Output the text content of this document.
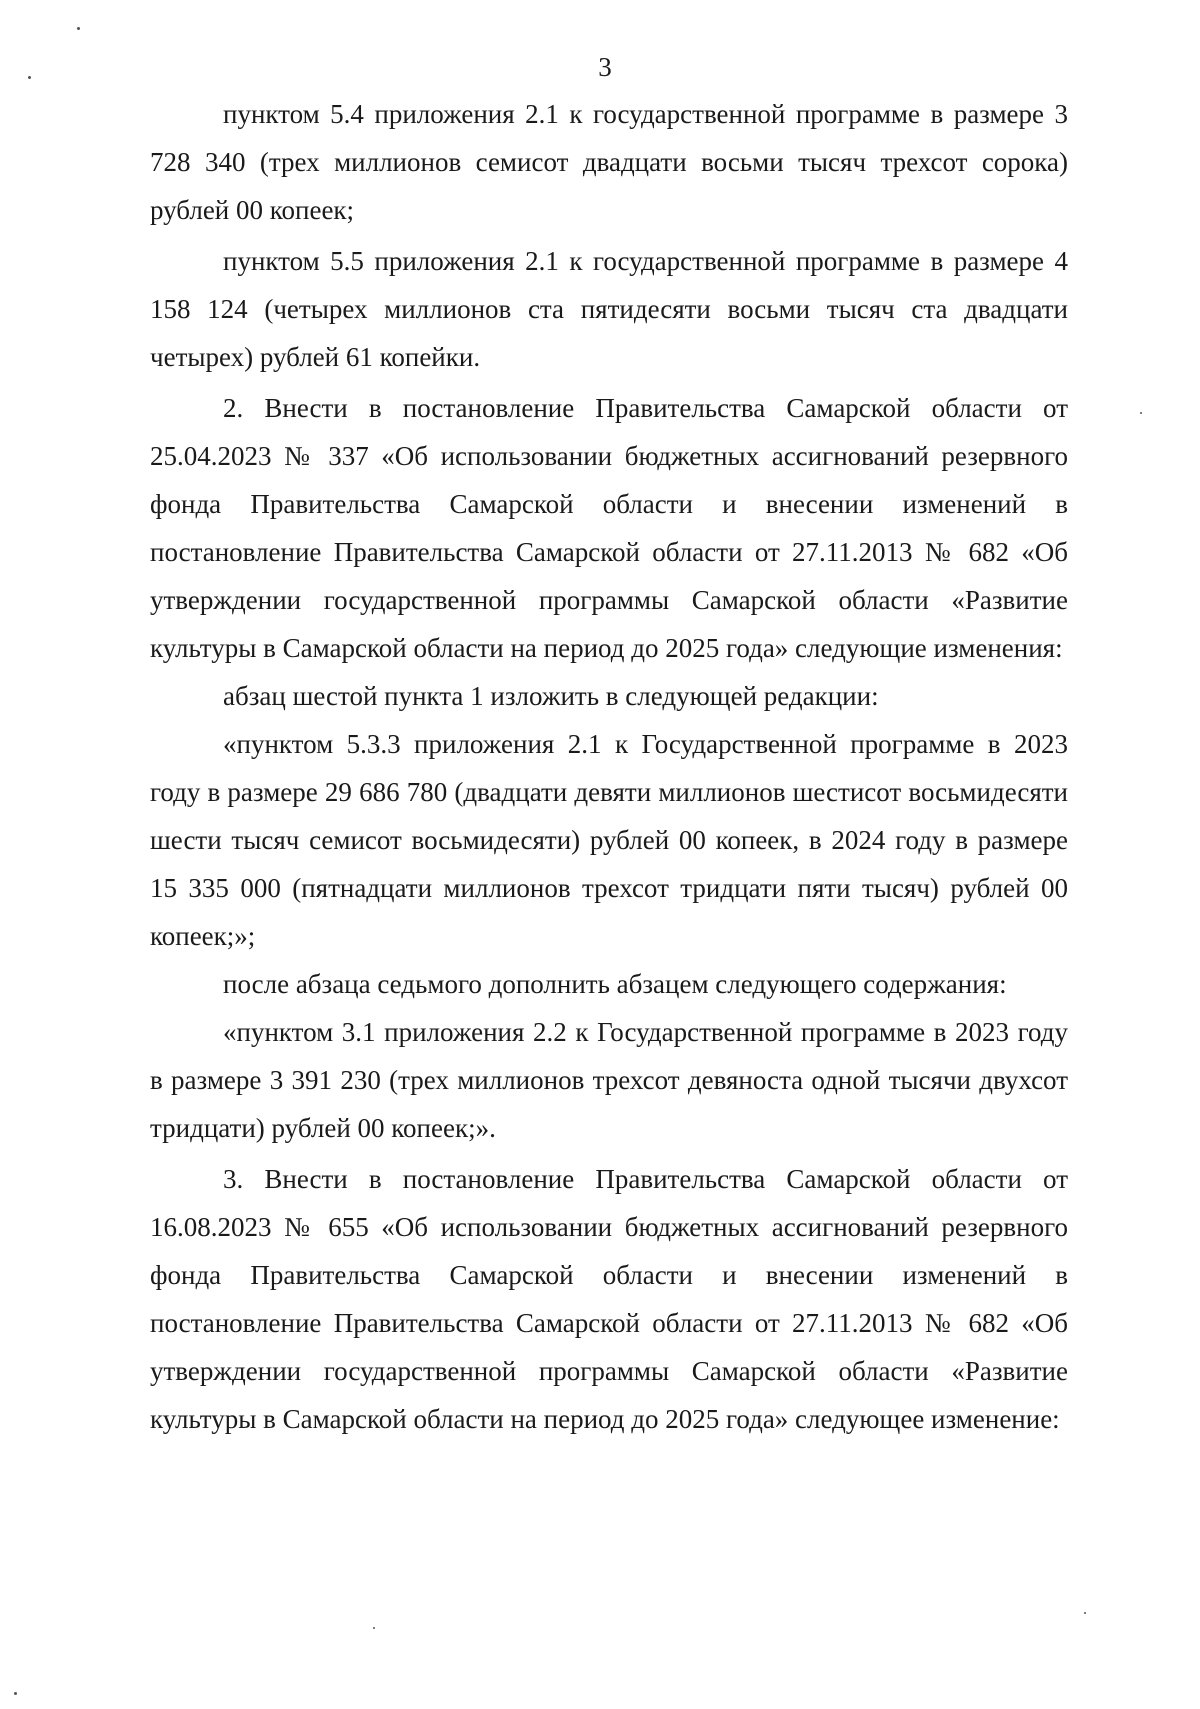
3

пунктом 5.4 приложения 2.1 к государственной программе в размере 3 728 340 (трех миллионов семисот двадцати восьми тысяч трехсот сорока) рублей 00 копеек;

пунктом 5.5 приложения 2.1 к государственной программе в размере 4 158 124 (четырех миллионов ста пятидесяти восьми тысяч ста двадцати четырех) рублей 61 копейки.

2. Внести в постановление Правительства Самарской области от 25.04.2023 № 337 «Об использовании бюджетных ассигнований резервного фонда Правительства Самарской области и внесении изменений в постановление Правительства Самарской области от 27.11.2013 № 682 «Об утверждении государственной программы Самарской области «Развитие культуры в Самарской области на период до 2025 года» следующие изменения:

абзац шестой пункта 1 изложить в следующей редакции:

«пунктом 5.3.3 приложения 2.1 к Государственной программе в 2023 году в размере 29 686 780 (двадцати девяти миллионов шестисот восьмидесяти шести тысяч семисот восьмидесяти) рублей 00 копеек, в 2024 году в размере 15 335 000 (пятнадцати миллионов трехсот тридцати пяти тысяч) рублей 00 копеек;»;

после абзаца седьмого дополнить абзацем следующего содержания:

«пунктом 3.1 приложения 2.2 к Государственной программе в 2023 году в размере 3 391 230 (трех миллионов трехсот девяноста одной тысячи двухсот тридцати) рублей 00 копеек;».

3. Внести в постановление Правительства Самарской области от 16.08.2023 № 655 «Об использовании бюджетных ассигнований резервного фонда Правительства Самарской области и внесении изменений в постановление Правительства Самарской области от 27.11.2013 № 682 «Об утверждении государственной программы Самарской области «Развитие культуры в Самарской области на период до 2025 года» следующее изменение:
